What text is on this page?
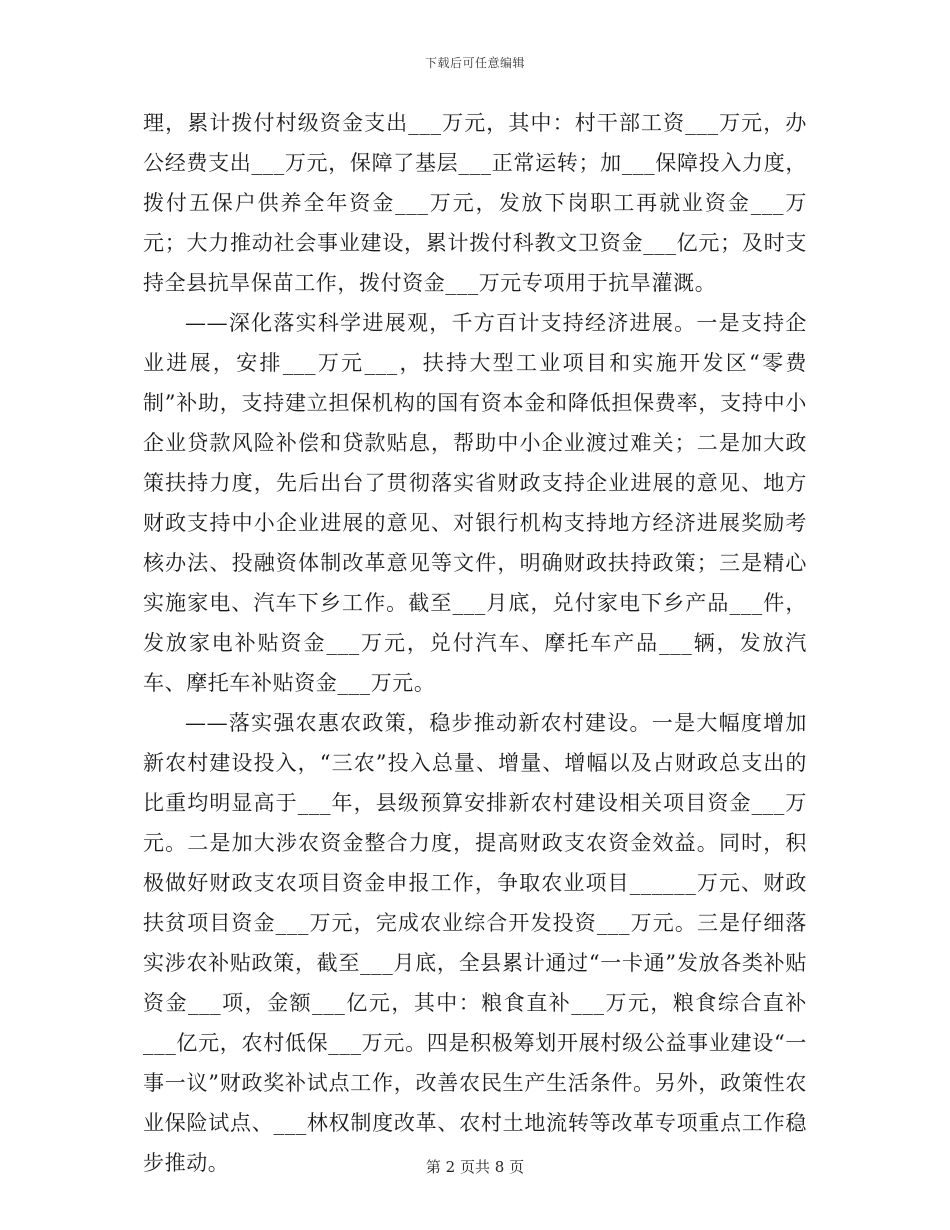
下载后可任意编辑

理，累计拨付村级资金支出___万元，其中：村干部工资___万元，办公经费支出___万元，保障了基层___正常运转；加___保障投入力度，拨付五保户供养全年资金___万元，发放下岗职工再就业资金___万元；大力推动社会事业建设，累计拨付科教文卫资金___亿元；及时支持全县抗旱保苗工作，拨付资金___万元专项用于抗旱灌溉。

——深化落实科学进展观，千方百计支持经济进展。一是支持企业进展，安排___万元___，扶持大型工业项目和实施开发区“零费制”补助，支持建立担保机构的国有资本金和降低担保费率，支持中小企业贷款风险补偿和贷款贴息，帮助中小企业渡过难关；二是加大政策扶持力度，先后出台了贯彻落实省财政支持企业进展的意见、地方财政支持中小企业进展的意见、对银行机构支持地方经济进展奖励考核办法、投融资体制改革意见等文件，明确财政扶持政策；三是精心实施家电、汽车下乡工作。截至___月底，兑付家电下乡产品___件，发放家电补贴资金___万元，兑付汽车、摩托车产品___辆，发放汽车、摩托车补贴资金___万元。

——落实强农惠农政策，稳步推动新农村建设。一是大幅度增加新农村建设投入，“三农”投入总量、增量、增幅以及占财政总支出的比重均明显高于___年，县级预算安排新农村建设相关项目资金___万元。二是加大涉农资金整合力度，提高财政支农资金效益。同时，积极做好财政支农项目资金申报工作，争取农业项目______万元、财政扶贫项目资金___万元，完成农业综合开发投资___万元。三是仔细落实涉农补贴政策，截至___月底，全县累计通过“一卡通”发放各类补贴资金___项，金额___亿元，其中：粮食直补___万元，粮食综合直补___亿元，农村低保___万元。四是积极筹划开展村级公益事业建设“一事一议”财政奖补试点工作，改善农民生产生活条件。另外，政策性农业保险试点、___林权制度改革、农村土地流转等改革专项重点工作稳步推动。	第 2 页共 8 页
